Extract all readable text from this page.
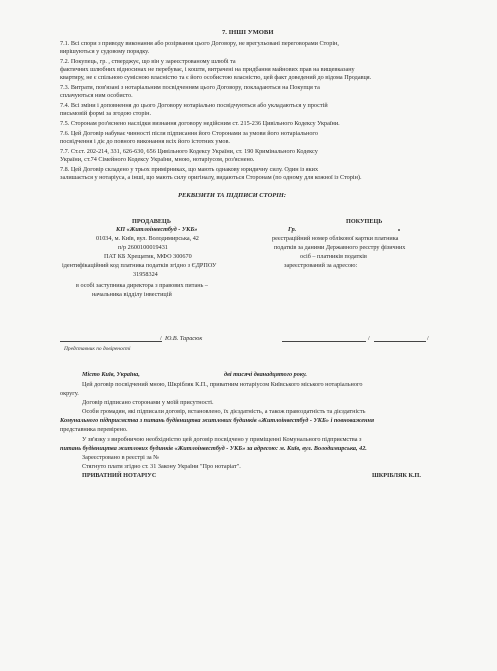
7. ІНШІ УМОВИ
7.1. Всі спори з приводу виконання або розірвання цього Договору, не врегульовані переговорами Сторін,
вирішуються у судовому порядку.
7.2. Покупець, гр. , стверджує, що він у зареєстрованому шлюбі та
фактичних шлюбних відносинах не перебуває, і кошти, витрачені на придбання майнових прав на вищевказану
квартиру, не є спільною сумісною власністю та є його особистою власністю, цей факт доведений до відома Продавця.
7.3. Витрати, пов'язані з нотаріальним посвідченням цього Договору, покладаються на Покупця та
сплачуються ним особисто.
7.4. Всі зміни і доповнення до цього Договору нотаріально посвідчуються або укладаються у простій
письмовій формі за згодою сторін.
7.5. Сторонам роз'яснено наслідки визнання договору недійсним ст. 215-236 Цивільного Кодексу України.
7.6. Цей Договір набуває чинності після підписання його Сторонами за умови його нотаріального
посвідчення і діє до повного виконання всіх його істотних умов.
7.7. Ст.ст. 202-214, 331, 626-630, 656 Цивільного Кодексу України, ст. 190 Кримінального Кодексу
України, ст.74 Сімейного Кодексу України, мною, нотаріусом, роз'яснено.
7.8. Цей Договір складено у трьох примірниках, що мають однакову юридичну силу. Один із яких
залишається у нотаріуса, а інші, що мають силу оригіналу, видаються Сторонам (по одному для кожної із Сторін).
РЕКВІЗИТИ ТА ПІДПИСИ СТОРІН:
ПРОДАВЕЦЬ
КП «Житлоінвестбуд - УКБ»
01034, м. Київ, вул. Володимирська, 42
п/р 2600100019431
ПАТ КБ Хрещатик, МФО 300670
ідентифікаційний код платника податків згідно з ЄДРПОУ
31958324
в особі заступника директора з правових питань –
начальника відділу інвестицій
ПОКУПЕЦЬ
Гр.
реєстраційний номер облікової картки платника
податків за даними Державного реєстру фізичних
осіб – платників податків
зареєстрований за адресою:
/ Ю.В. Тарасюк
Представник по довіреності
/	/
Місто Київ, Україна,	дві тисячі дванадцятого року.
Цей договір посвідчений мною, Шкрібляк К.П., приватним нотаріусом Київського міського нотаріального
округу.
Договір підписано сторонами у моїй присутності.
Особи громадян, які підписали договір, встановлено, їх дієздатність, а також правоздатність та дієздатність
Комунального підприємства з питань будівництва житлових будинків «Житлоінвестбуд - УКБ» і повноваження
представника перевірено.
У зв'язку з виробничою необхідністю цей договір посвідчено у приміщенні Комунального підприємства з
питань будівництва житлових будинків «Житлоінвестбуд - УКБ» за адресою: м. Київ, вул. Володимирська, 42.
Зареєстровано в реєстрі за №
Стягнуто плати згідно ст. 31 Закону України "Про нотаріат".
ПРИВАТНИЙ НОТАРІУС	ШКРІБЛЯК К.П.
